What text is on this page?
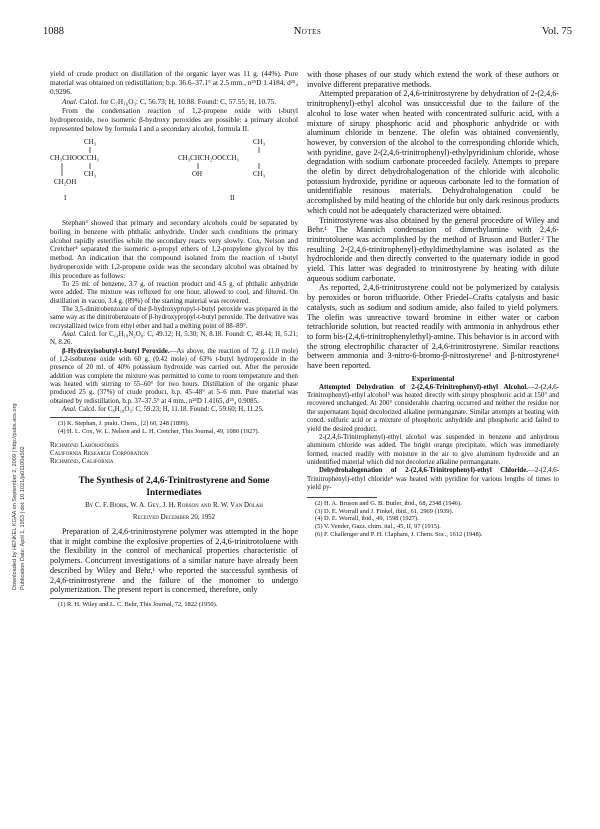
1088	Notes	Vol. 75
Downloaded by HENKEL KGAA on September 2, 2009 | http://pubs.acs.org Publication Date: April 1, 1953 | doi: 10.1021/ja01100a502

yield of crude product on distillation of the organic layer was 11 g. (44%). Pure material was obtained on redistillation; b.p. 36.6–37.1° at 2.5 mm., n²⁵D 1.4184, d²⁵₄ 0.9296.

Anal. Calcd. for C₇H₁₆O₃: C, 56.73; H, 10.88. Found: C, 57.55; H, 10.75.

From the condensation reaction of 1,2-propene oxide with t-butyl hydroperoxide, two isomeric β-hydroxy peroxides are possible: a primary alcohol represented below by formula I and a secondary alcohol, formula II.

CH₃
CH₃CHOOCCH₃
CH₃
CH₂OH
I
CH₃
CH₃CHCH₂OOCCH₃
OH	CH₃
II

Stephan³ showed that primary and secondary alcohols could be separated by boiling in benzene with phthalic anhydride. Under such conditions the primary alcohol rapidly esterifies while the secondary reacts very slowly. Cox, Nelson and Cretcher⁴ separated the isomeric α-propyl ethers of 1,2-propylene glycol by this method. An indication that the compound isolated from the reaction of t-butyl hydroperoxide with 1,2-propene oxide was the secondary alcohol was obtained by this procedure as follows:

To 25 ml. of benzene, 3.7 g. of reaction product and 4.5 g. of phthalic anhydride were added. The mixture was refluxed for one hour, allowed to cool, and filtered. On distillation in vacuo, 3.4 g. (89%) of the starting material was recovered.

The 3,5-dinitrobenzoate of the β-hydroxypropyl-t-butyl peroxide was prepared in the same way as the dinitrobenzoate of β-hydroxypropyl-t-butyl peroxide. The derivative was recrystallized twice from ethyl ether and had a melting point of 88–89°.

Anal. Calcd. for C₁₄H₁₈N₂O₈: C, 49.12; H, 5.30; N, 8.18. Found: C, 49.44; H, 5.21; N, 8.26.

β-Hydroxyisobutyl-t-butyl Peroxide.—As above, the reaction of 72 g. (1.0 mole) of 1,2-isobutene oxide with 60 g. (0.42 mole) of 63% t-butyl hydroperoxide in the presence of 20 ml. of 40% potassium hydroxide was carried out. After the peroxide addition was complete the mixture was permitted to come to room temperature and then was heated with stirring to 55–60° for two hours. Distillation of the organic phase produced 25 g. (37%) of crude product, b.p. 45–48° at 5–6 mm. Pure material was obtained by redistillation, b.p. 37–37.5° at 4 mm., n²⁵D 1.4165, d²⁵₄ 0.9085.

Anal. Calcd. for C₈H₁₈O₃: C, 59.23; H, 11.18. Found: C, 59.60; H, 11.25.

(3) K. Stephan, J. prakt. Chem., [2] 60, 248 (1899).

(4) H. L. Cox, W. L. Nelson and L. H. Cretcher, This Journal, 49, 1080 (1927).

Richmond Laboratories
California Research Corporation
Richmond, California
The Synthesis of 2,4,6-Trinitrostyrene and Some Intermediates
By C. F. Bjork, W. A. Gey, J. H. Robson and R. W. Van Dolah
Received December 20, 1952

Preparation of 2,4,6-trinitrostyrene polymer was attempted in the hope that it might combine the explosive properties of 2,4,6-trinitrotoluene with the flexibility in the control of mechanical properties characteristic of polymers. Concurrent investigations of a similar nature have already been described by Wiley and Behr,¹ who reported the successful synthesis of 2,4,6-trinitrostyrene and the failure of the monomer to undergo polymerization. The present report is concerned, therefore, only

(1) R. H. Wiley and L. C. Behr, This Journal, 72, 1822 (1950).

with those phases of our study which extend the work of these authors or involve different preparative methods.

Attempted preparation of 2,4,6-trinitrostyrene by dehydration of 2-(2,4,6-trinitrophenyl)-ethyl alcohol was unsuccessful due to the failure of the alcohol to lose water when heated with concentrated sulfuric acid, with a mixture of sirupy phosphoric acid and phosphoric anhydride or with aluminum chloride in benzene. The olefin was obtained conveniently, however, by conversion of the alcohol to the corresponding chloride which, with pyridine, gave 2-(2,4,6-trinitrophenyl)-ethylpyridinium chloride, whose degradation with sodium carbonate proceeded facilely. Attempts to prepare the olefin by direct dehydrohalogenation of the chloride with alcoholic potassium hydroxide, pyridine or aqueous carbonate led to the formation of unidentifiable resinous materials. Dehydrohalogenation could be accomplished by mild heating of the chloride but only dark resinous products which could not be adequately characterized were obtained.

Trinitrostyrene was also obtained by the general procedure of Wiley and Behr.¹ The Mannich condensation of dimethylamine with 2,4,6-trinitrotoluene was accomplished by the method of Bruson and Butler.² The resulting 2-(2,4,6-trinitrophenyl)-ethyldimethylamine was isolated as the hydrochloride and then directly converted to the quaternary iodide in good yield. This latter was degraded to trinitrostyrene by heating with dilute aqueous sodium carbonate.

As reported, 2,4,6-trinitrostyrene could not be polymerized by catalysis by peroxides or boron trifluoride. Other Friedel–Crafts catalysts and basic catalysts, such as sodium and sodium amide, also failed to yield polymers. The olefin was unreactive toward bromine in either water or carbon tetrachloride solution, but reacted readily with ammonia in anhydrous ether to form bis-(2,4,6-trinitrophenylethyl)-amine. This behavior is in accord with the strong electrophilic character of 2,4,6-trinitrostyrene. Similar reactions between ammonia and 3-nitro-6-bromo-β-nitrostyrene³ and β-nitrostyrene⁴ have been reported.

Experimental

Attempted Dehydration of 2-(2,4,6-Trinitrophenyl)-ethyl Alcohol.—2-(2,4,6-Trinitrophenyl)-ethyl alcohol⁵ was heated directly with sirupy phosphoric acid at 150° and recovered unchanged. At 200° considerable charring occurred and neither the residue nor the supernatant liquid decolorized alkaline permanganate. Similar attempts at heating with concd. sulfuric acid or a mixture of phosphoric anhydride and phosphoric acid failed to yield the desired product.

2-(2,4,6-Trinitrophenyl)-ethyl alcohol was suspended in benzene and anhydrous aluminum chloride was added. The bright orange precipitate, which was immediately formed, reacted readily with moisture in the air to give aluminum hydroxide and an unidentified material which did not decolorize alkaline permanganate.

Dehydrohalogenation of 2-(2,4,6-Trinitrophenyl)-ethyl Chloride.—2-(2,4,6-Trinitrophenyl)-ethyl chloride⁶ was heated with pyridine for various lengths of times to yield py-

(2) H. A. Bruson and G. B. Butler, ibid., 68, 2348 (1946).

(3) D. E. Worrall and J. Finkel, ibid., 61, 2969 (1939).

(4) D. E. Worrall, ibid., 49, 1598 (1927).

(5) V. Vender, Gazz. chim. ital., 45, II, 97 (1915).

(6) F. Challenger and P. H. Clapham, J. Chem. Soc., 1612 (1948).
